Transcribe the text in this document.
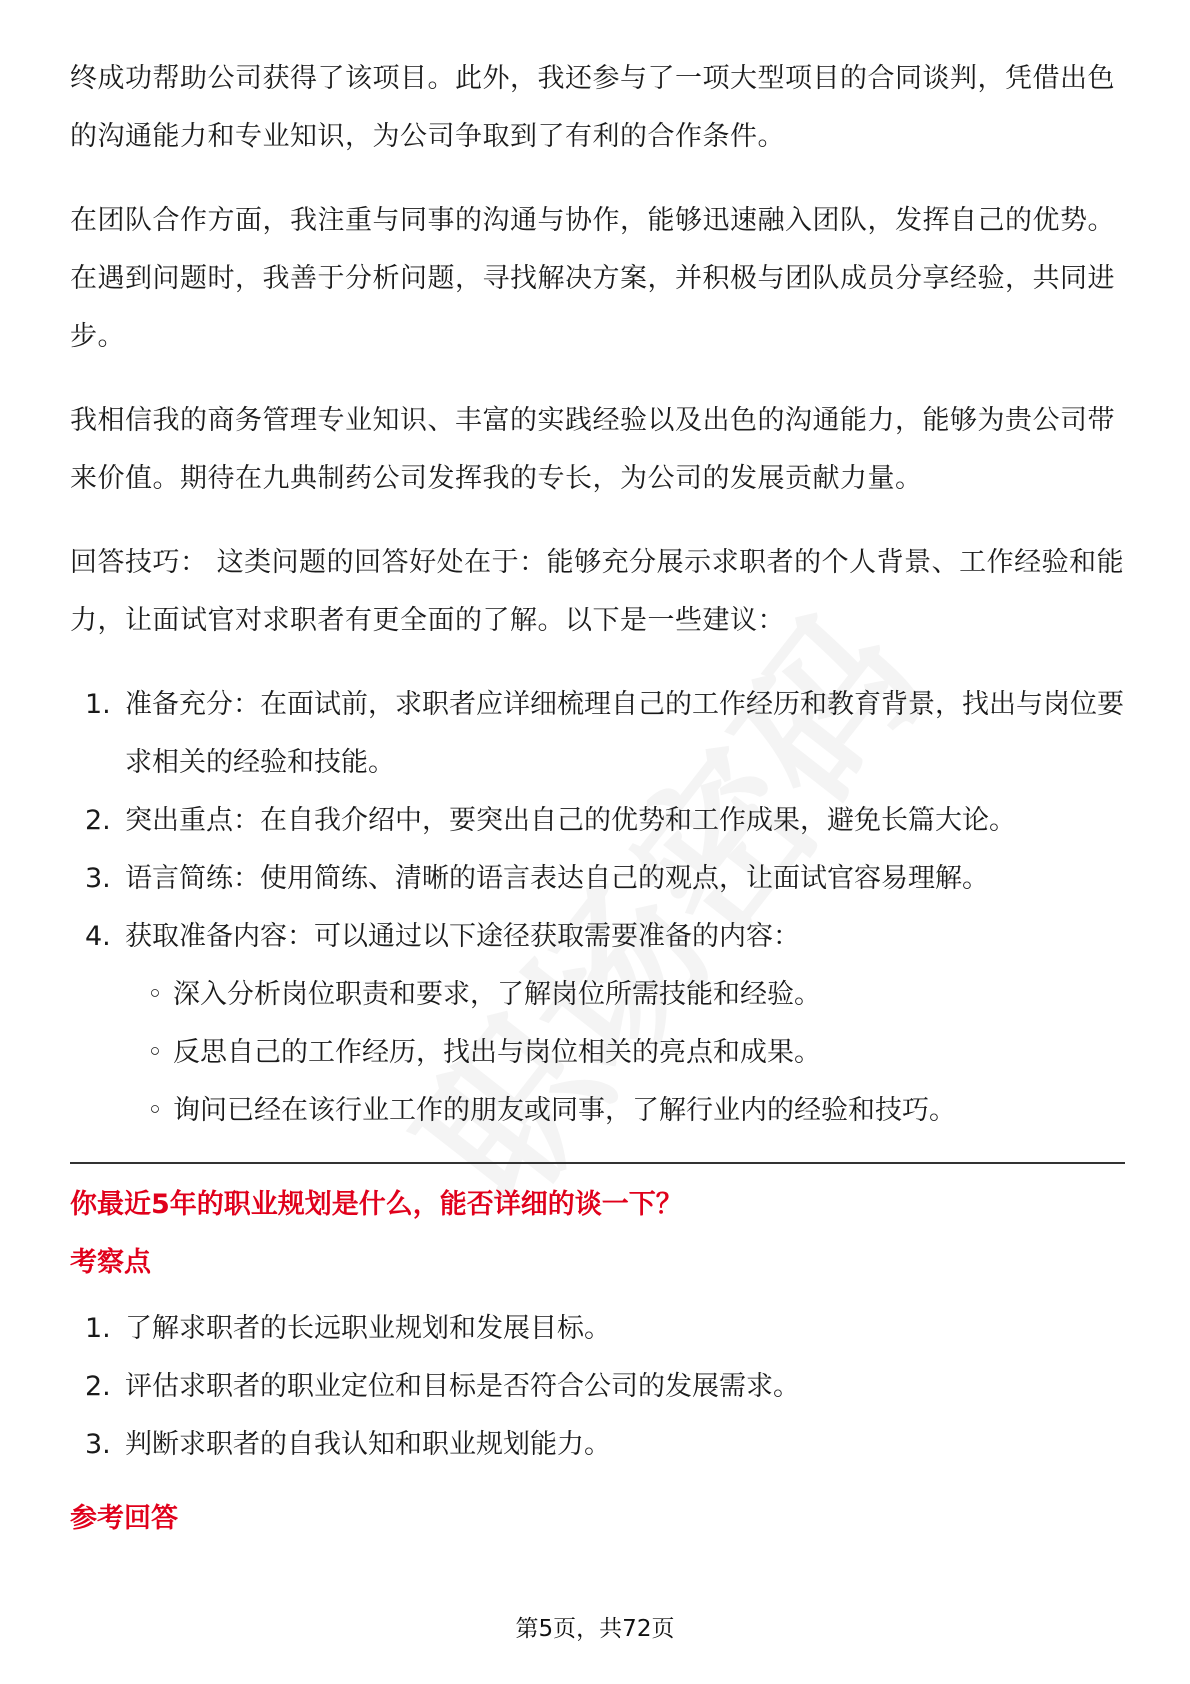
终成功帮助公司获得了该项目。此外，我还参与了一项大型项目的合同谈判，凭借出色的沟通能力和专业知识，为公司争取到了有利的合作条件。

在团队合作方面，我注重与同事的沟通与协作，能够迅速融入团队，发挥自己的优势。在遇到问题时，我善于分析问题，寻找解决方案，并积极与团队成员分享经验，共同进步。

我相信我的商务管理专业知识、丰富的实践经验以及出色的沟通能力，能够为贵公司带来价值。期待在九典制药公司发挥我的专长，为公司的发展贡献力量。

回答技巧： 这类问题的回答好处在于：能够充分展示求职者的个人背景、工作经验和能力，让面试官对求职者有更全面的了解。以下是一些建议：

1. 准备充分：在面试前，求职者应详细梳理自己的工作经历和教育背景，找出与岗位要求相关的经验和技能。
2. 突出重点：在自我介绍中，要突出自己的优势和工作成果，避免长篇大论。
3. 语言简练：使用简练、清晰的语言表达自己的观点，让面试官容易理解。
4. 获取准备内容：可以通过以下途径获取需要准备的内容：
◦ 深入分析岗位职责和要求，了解岗位所需技能和经验。
◦ 反思自己的工作经历，找出与岗位相关的亮点和成果。
◦ 询问已经在该行业工作的朋友或同事，了解行业内的经验和技巧。
你最近5年的职业规划是什么，能否详细的谈一下？
考察点
1. 了解求职者的长远职业规划和发展目标。
2. 评估求职者的职业定位和目标是否符合公司的发展需求。
3. 判断求职者的自我认知和职业规划能力。
参考回答
第5页，共72页
